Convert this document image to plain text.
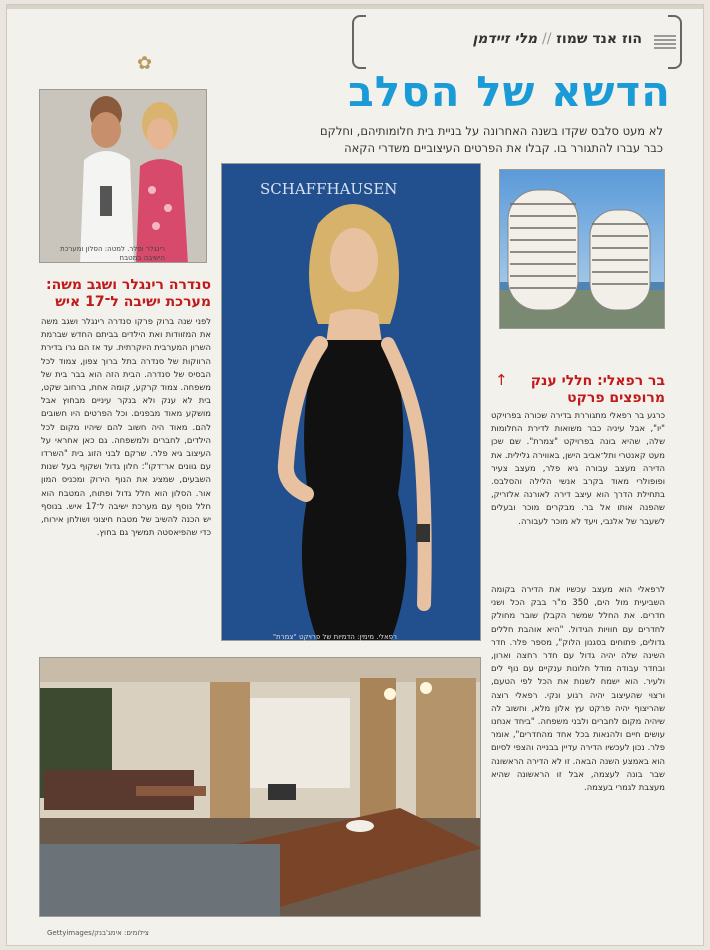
הוז אנד שמוז // מלי זיידמן
✿
הדשא של הסלב
לא מעט סלבס שקדו בשנה האחרונה על בניית בית חלומותיהם, וחלקם כבר עברו להתגורר בו. קבלו את הפרטים העיצוביים משדרי הקאה
רינגלר ופלר. למטה: הסלון ומערכת הישיבה במטבח
SCHAFFHAUSEN
רפאלי. מימין: הדמיות של פרויקט "צמרת"
סנדרה רינגלר ושגב משה: מערכת ישיבה ל־17 איש
לפני שנה ברוק פרקו סנדרה רינגלר ושגב משה את המזוודות ואת הילדים בביתם החדש שברמת השרון המערבית היוקרתית. עד אז הם גרו בדירת הרווקות של סנדרה בתל ברוך צפון, צמוד לכל הבסיס של סנדרה. הבית הזה הוא בבר בית של משפחה. צמוד קרקע, קומה אחת, ברחוב שקט, בית לא ענק ולא בנקר עיניים מבחוץ אבל מושקע מאוד מבפנים. וכל הפרטים היו חשובים להם. מאוד היה חשוב להם שיהיו מקום לכל הילדים, לחברים ולמשפחה. גם כאן אחראי על העיצוב גיא פלר. שרקם לבני הזוג בית "השרדו עם גוונים אר־דקו": חלון גדול ושקוף בעל שנות השבעים, שמציג את הנוף הירוק ומכניס המון אור. הסלון הוא חלל גדול ופתוח, המטבח הוא חלל נוסף עם מערכת ישיבה ל־17 איש. בנוסף יש הכנה להשיב של מטבח חיצוני ושולחן אירוח, כדי שהפיאסטה תמשיך גם בחוץ.
↑	בר רפאלי: חללי ענק מרופצים פרקט
כרגע בר רפאלי מתגוררת בדירה שכורה בפרויקט "יו", אבל עיניה כבר משואות לדירת החלומות שלה, שהיא בונה בפרויקט "צמרת". שם שכן מעט קאנטרי ותל־אביב הישן, באווירה גלילית. את הדירה מעצב עבורה גיא פלר, מעצב צעיר ופופולרי מאוד בקרב אנשי הלילה והסלבס. בתחילת הדרך הוא עיצב דירה לאורנה אלזריק, שהפנה אותו אל בר. מבקרים מוכר ובעלים לשעבר של אלנבי, ויעד לא מוכר לעבורה.
לרפאלי הוא מעצב עכשיו את הדירה בקומה השביעית מול הים, 350 מ"ר בבק הכל ושני חדרים. את החלל שמשר הקבלן שובר מחולק לחדרים עם חוויות הגידול. "היא אוהבת חללים גדולים, פתוחים בסגנון הלוק", מספר פלר. חדר השינה שלה יהיה גדול עם חדר רחצה וארון, ובחדר עבודה מודל חלונות ענקיים עם נוף לים ולעיר. הוא ישמח לשנות את הכל לפי הטעם, ורצוי שהעיצוב יהיה רגוע ונקי. רפאלי רוצה שהריצוף יהיה פרקט עץ אלון מלא, וחשוב לה שיהיה מקום לחברים ולבני משפחה. "ביחד אנחנו עושים חיים ולהנאות בכל אחד מהחדרים", אומר פלר. נכון לעכשיו הדירה עדיין בבנייה והצפי לסיום הוא באמצע השנה הבאה. זו לא הדירה הראשונה שבר בונה לעצמה, אבל זו הראשונה שהיא מעצבת לגמרי בעצמה.
צילומים: אימג'בנק/Gettyimages
